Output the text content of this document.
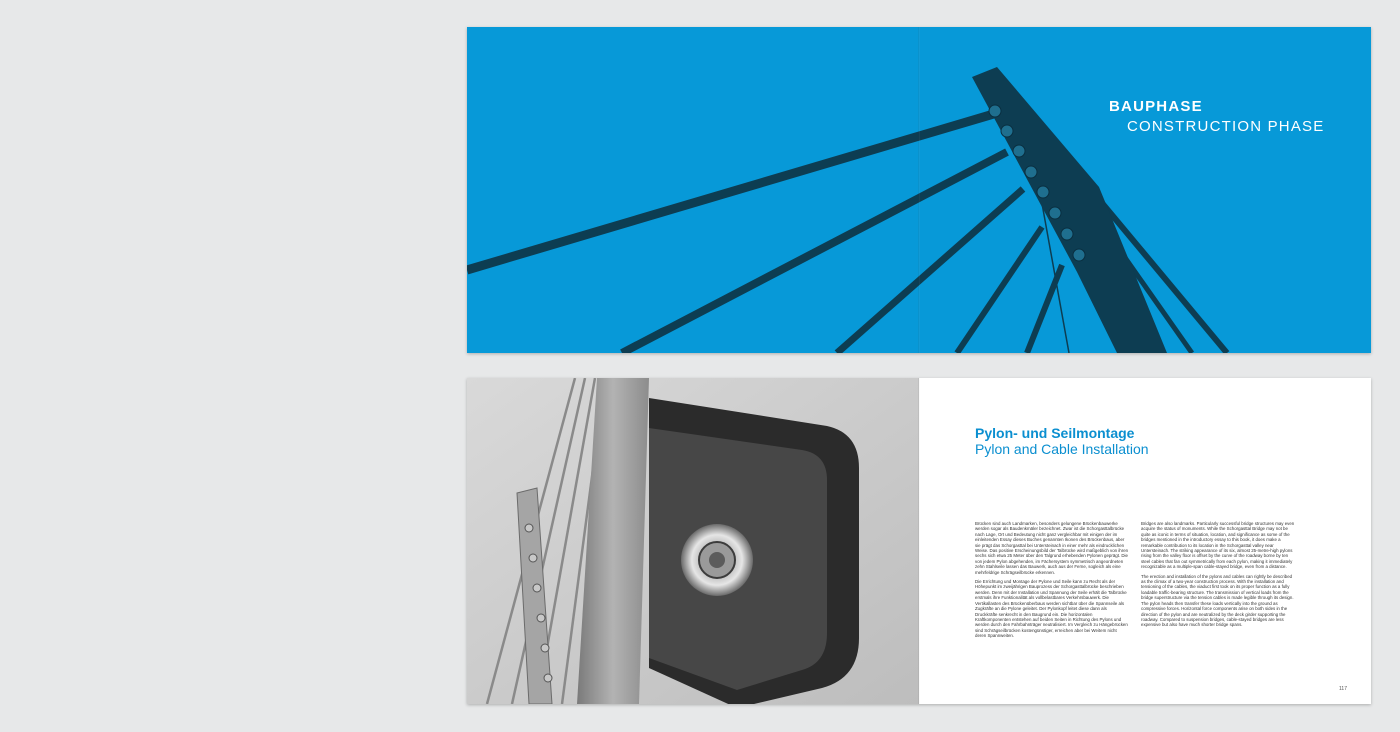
BAUPHASE
CONSTRUCTION PHASE
Pylon- und Seilmontage
Pylon and Cable Installation

Brücken sind auch Landmarken, besonders gelungene Brückenbauwerke werden sogar als Baudenkmäler bezeichnet. Zwar ist die Schorgasttalbrücke nach Lage, Ort und Bedeutung nicht ganz vergleichbar mit einigen der im einleitenden Essay dieses Buches genannten Ikonen des Brückenbaus, aber sie prägt das Schorgasttal bei Untersteinach in einer mehr als eindrucklichen Weise. Das positive Erscheinungsbild der Talbrücke wird maßgeblich von ihren sechs sich etwa 25 Meter über den Talgrund erhebenden Pylonen geprägt. Die von jedem Pylon abgehenden, im Fächersystem symmetrisch angeordneten zehn Stahlseile lassen das Bauwerk, auch aus der Ferne, sogleich als eine mehrfeldrige Schrägseilbrücke erkennen.

Die Errichtung und Montage der Pylone und Seile kann zu Recht als der Höhepunkt im zweijährigen Bauprozess der Schorgasttalbrücke beschrieben werden. Denn mit der Installation und Spannung der Seile erhält die Talbrücke erstmals ihre Funktionalität als vollbelastbares Verkehrsbauwerk. Die Vertikallasten des Brückenüberbaus werden sichtbar über die Spannseile als Zugkräfte an die Pylone geleitet. Der Pylonkopf leitet diese dann als Druckkräfte senkrecht in den Baugrund ein. Die horizontalen Kraftkomponenten entstehen auf beiden Seiten in Richtung des Pylons und werden durch den Fahrbahnträger neutralisiert. Im Vergleich zu Hängebrücken sind Schrägseilbrücken kostengünstiger, erreichen aber bei Weitem nicht deren Spannweiten.

Bridges are also landmarks. Particularly successful bridge structures may even acquire the status of monuments. While the Schorgasttal Bridge may not be quite as iconic in terms of situation, location, and significance as some of the bridges mentioned in the introductory essay to this book, it does make a remarkable contribution to its location in the Schorgasttal valley near Untersteinach. The striking appearance of its six, almost 25-metre-high pylons rising from the valley floor is offset by the curve of the roadway borne by ten steel cables that fan out symmetrically from each pylon, making it immediately recognizable as a multiple-span cable-stayed bridge, even from a distance.

The erection and installation of the pylons and cables can rightly be described as the climax of a two-year construction process. With the installation and tensioning of the cables, the viaduct first took on its proper function as a fully loadable traffic-bearing structure. The transmission of vertical loads from the bridge superstructure via the tension cables is made legible through its design. The pylon heads then transfer these loads vertically into the ground as compressive forces. Horizontal force components arise on both sides in the direction of the pylon and are neutralized by the deck girder supporting the roadway. Compared to suspension bridges, cable-stayed bridges are less expensive but also have much shorter bridge spans.

117
